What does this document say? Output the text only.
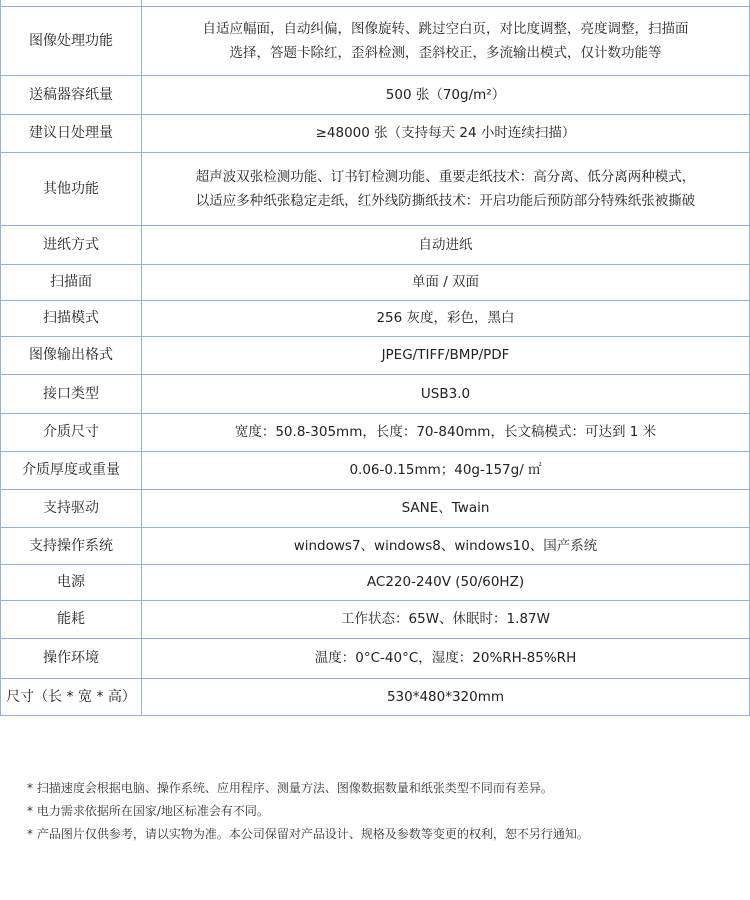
图像处理功能	自适应幅面，自动纠偏，图像旋转、跳过空白页，对比度调整，亮度调整，扫描面
选择，答题卡除红，歪斜检测，歪斜校正，多流输出模式，仅计数功能等

送稿器容纸量	500 张（70g/m²）

建议日处理量	≥48000 张（支持每天 24 小时连续扫描）

其他功能	超声波双张检测功能、订书钉检测功能、重要走纸技术：高分离、低分离两种模式，
以适应多种纸张稳定走纸，红外线防撕纸技术：开启功能后预防部分特殊纸张被撕破

进纸方式	自动进纸

扫描面	单面 / 双面

扫描模式	256 灰度，彩色，黑白

图像输出格式	JPEG/TIFF/BMP/PDF

接口类型	USB3.0

介质尺寸	宽度：50.8-305mm，长度：70-840mm，长文稿模式：可达到 1 米

介质厚度或重量	0.06-0.15mm；40g-157g/ ㎡

支持驱动	SANE、Twain

支持操作系统	windows7、windows8、windows10、国产系统

电源	AC220-240V (50/60HZ)

能耗	工作状态：65W、休眠时：1.87W

操作环境	温度：0°C-40°C，湿度：20%RH-85%RH

尺寸（长 * 宽 * 高）	530*480*320mm
* 扫描速度会根据电脑、操作系统、应用程序、测量方法、图像数据数量和纸张类型不同而有差异。
* 电力需求依据所在国家/地区标准会有不同。
* 产品图片仅供参考，请以实物为准。本公司保留对产品设计、规格及参数等变更的权利，恕不另行通知。
